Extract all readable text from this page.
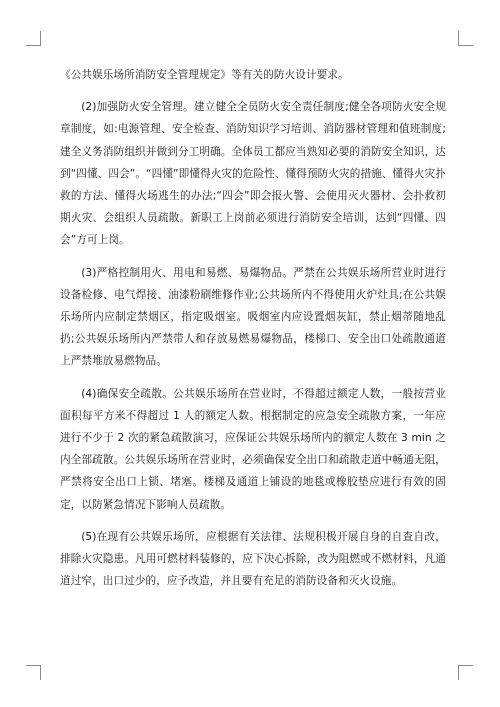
《公共娱乐场所消防安全管理规定》等有关的防火设计要求。

(2)加强防火安全管理。建立健全全员防火安全责任制度;健全各项防火安全规章制度，如:电源管理、安全检查、消防知识学习培训、消防器材管理和值班制度;建全义务消防组织并做到分工明确。全体员工都应当熟知必要的消防安全知识，达到“四懂、四会”。“四懂”即懂得火灾的危险性、懂得预防火灾的措施、懂得火灾扑救的方法、懂得火场逃生的办法;“四会”即会报火警、会使用灭火器材、会扑救初期火灾、会组织人员疏散。新职工上岗前必须进行消防安全培训，达到“四懂、四会”方可上岗。

(3)严格控制用火、用电和易燃、易爆物品。严禁在公共娱乐场所营业时进行设备检修、电气焊接、油漆粉刷维修作业;公共场所内不得使用火炉灶具;在公共娱乐场所内应制定禁烟区，指定吸烟室。吸烟室内应设置烟灰缸，禁止烟蒂随地乱扔;公共娱乐场所内严禁带人和存放易燃易爆物品，楼梯口、安全出口处疏散通道上严禁堆放易燃物品。

(4)确保安全疏散。公共娱乐场所在营业时，不得超过额定人数，一般按营业面积每平方米不得超过 1 人的额定人数。根据制定的应急安全疏散方案，一年应进行不少于 2 次的紧急疏散演习，应保证公共娱乐场所内的额定人数在 3 min 之内全部疏散。公共娱乐场所在营业时，必须确保安全出口和疏散走道中畅通无阻，严禁将安全出口上锁、堵塞。楼梯及通道上铺设的地毯或橡胶垫应进行有效的固定，以防紧急情况下影响人员疏散。

(5)在现有公共娱乐场所，应根据有关法律、法规积极开展自身的自查自改，排除火灾隐患。凡用可燃材料装修的，应下决心拆除，改为阻燃或不燃材料，凡通道过窄，出口过少的，应予改造，并且要有充足的消防设备和灭火设施。
